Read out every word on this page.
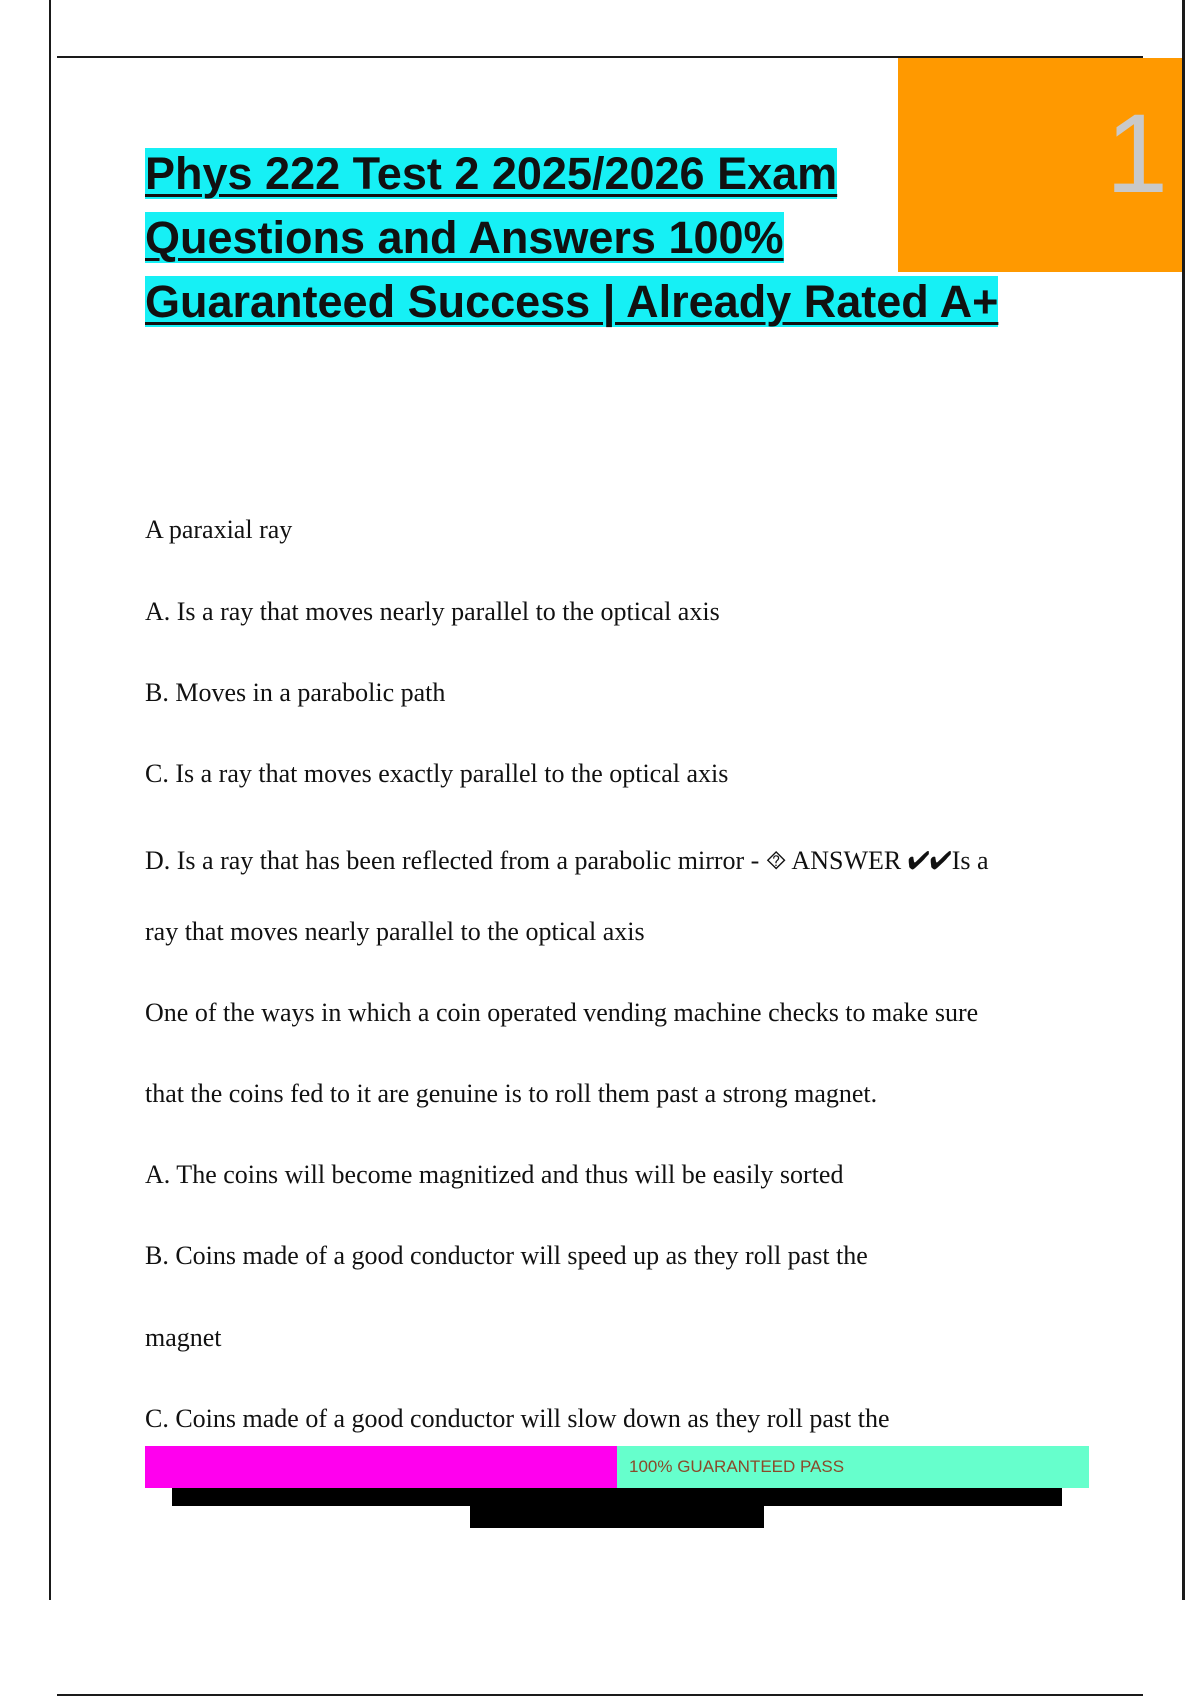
1
Phys 222 Test 2 2025/2026 Exam
Questions and Answers 100%
Guaranteed Success | Already Rated A+

A paraxial ray

A. Is a ray that moves nearly parallel to the optical axis

B. Moves in a parabolic path

C. Is a ray that moves exactly parallel to the optical axis

D. Is a ray that has been reflected from a parabolic mirror - ⯑ ANSWER ✔✔Is a

ray that moves nearly parallel to the optical axis

One of the ways in which a coin operated vending machine checks to make sure

that the coins fed to it are genuine is to roll them past a strong magnet.

A. The coins will become magnitized and thus will be easily sorted

B. Coins made of a good conductor will speed up as they roll past the

magnet

C. Coins made of a good conductor will slow down as they roll past the

100% GUARANTEED PASS
